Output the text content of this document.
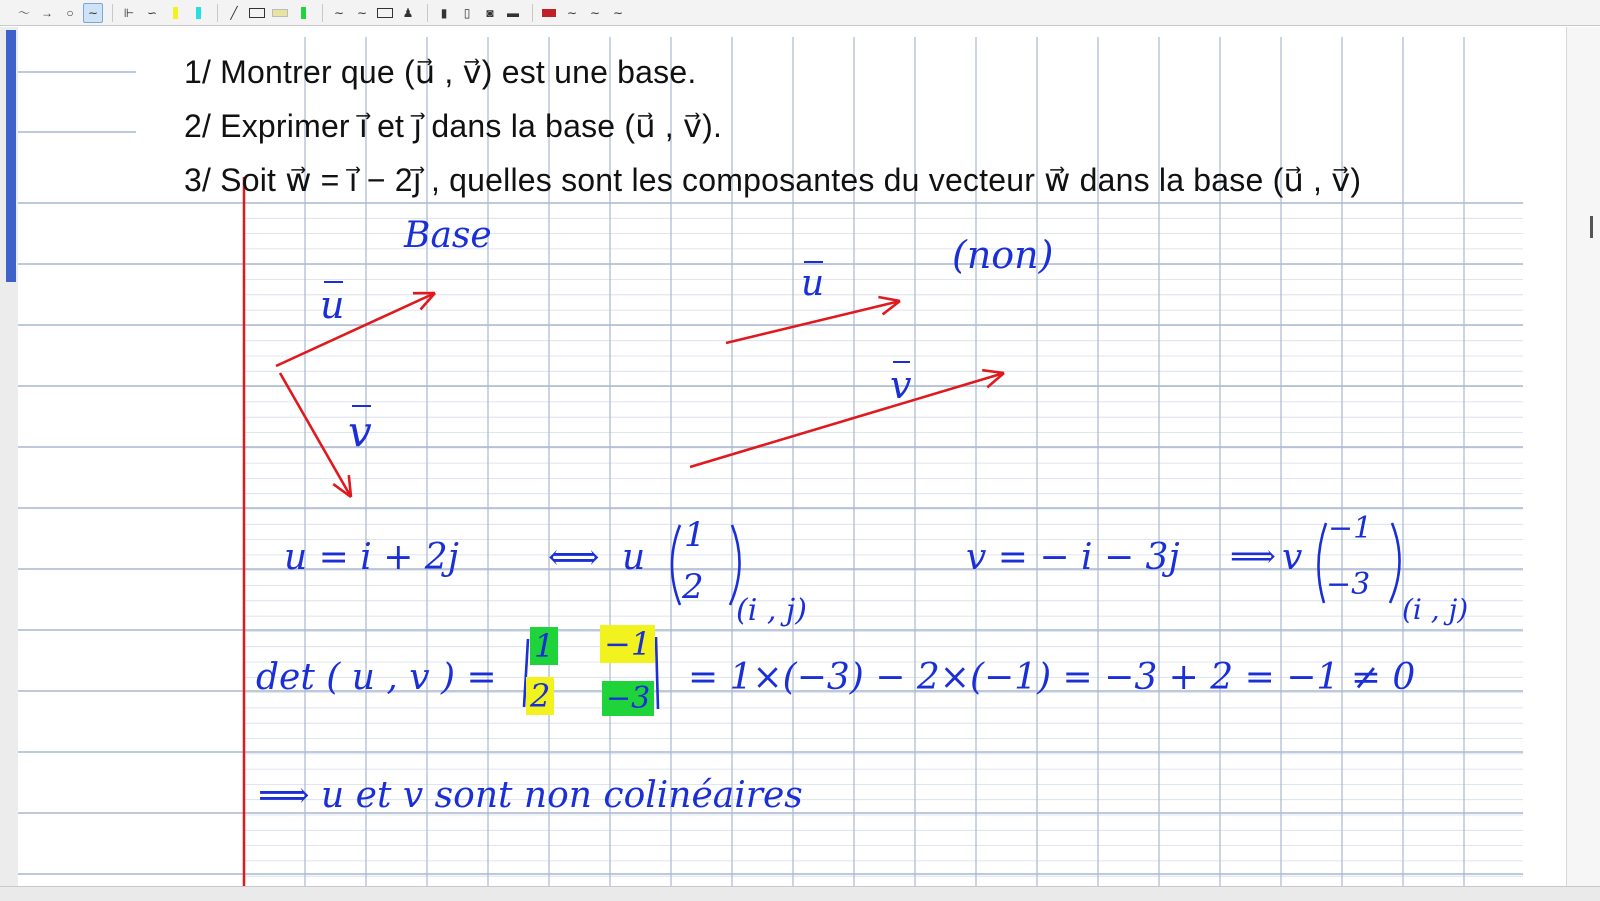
〜 →	○	∼	⊩	∽	╱	∼	∼	♟	▮	▯	◙	▬	∼	∼	∼
1/ Montrer que (u⃗ , v⃗) est une base.
2/ Exprimer i⃗ et j⃗ dans la base (u⃗ , v⃗).
3/ Soit w⃗ = i⃗ − 2j⃗ , quelles sont les composantes du vecteur w⃗ dans la base (u⃗ , v⃗)
Base
u
v
u
v
(non)
u = i + 2j ⟺ u
1
2
(i , j)
v = − i − 3j ⟹ v
−1
−3
(i , j)
det ( u , v ) =
1 −1
2 −3
= 1×(−3) − 2×(−1) = −3 + 2 = −1 ≠ 0
⟹ u et v sont non colinéaires
